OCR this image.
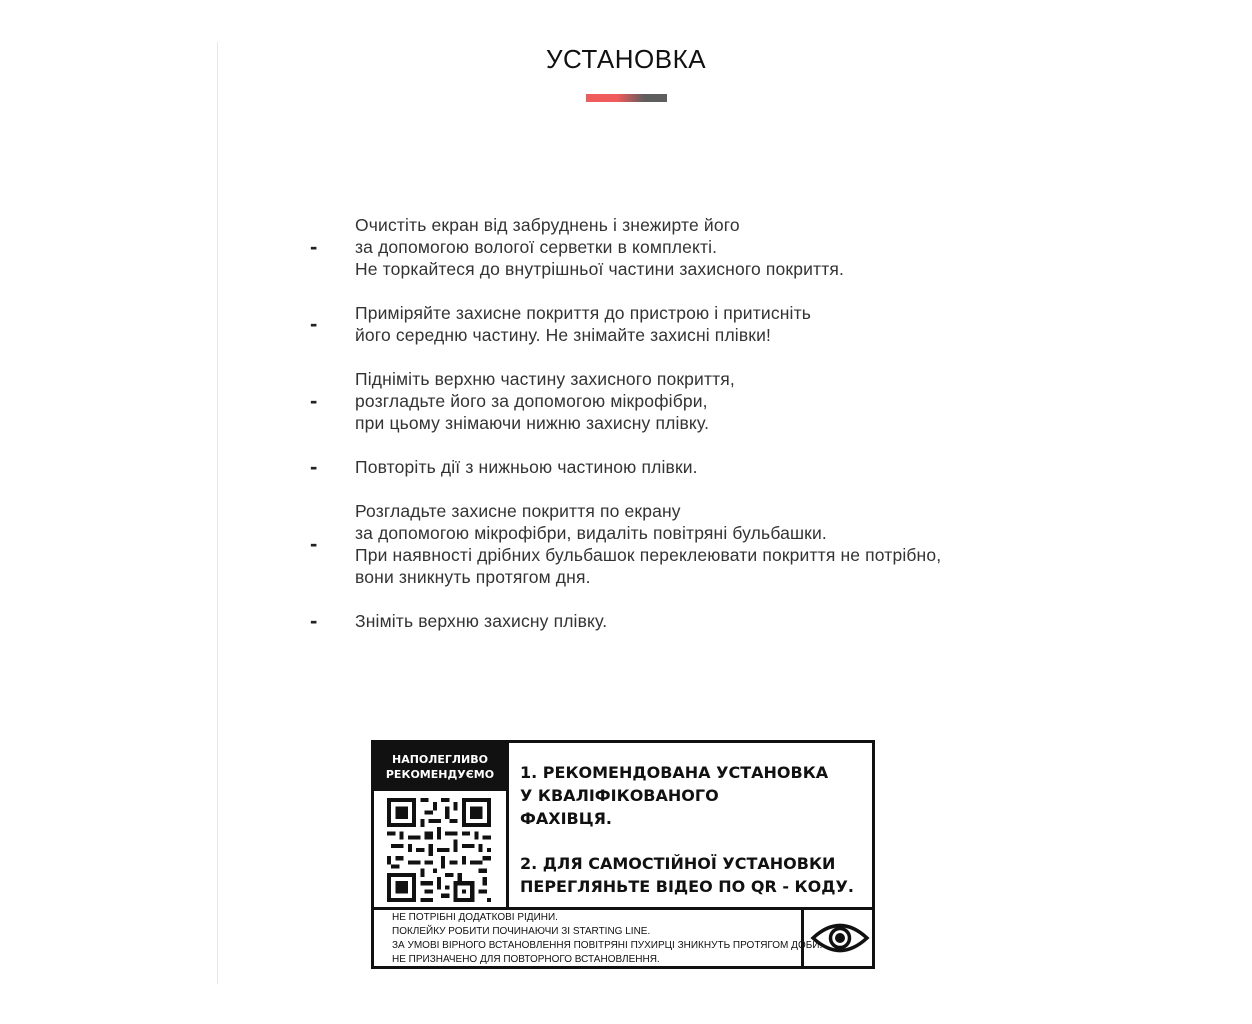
УСТАНОВКА
-
Очистіть екран від забруднень і знежирте його
за допомогою вологої серветки в комплекті.
Не торкайтеся до внутрішньої частини захисного покриття.
-	Приміряйте захисне покриття до пристрою і притисніть
його середню частину. Не знімайте захисні плівки!
-
Підніміть верхню частину захисного покриття,
розгладьте його за допомогою мікрофібри,
при цьому знімаючи нижню захисну плівку.
-	Повторіть дії з нижньою частиною плівки.
-
Розгладьте захисне покриття по екрану
за допомогою мікрофібри, видаліть повітряні бульбашки.
При наявності дрібних бульбашок переклеювати покриття не потрібно,
вони зникнуть протягом дня.
-	Зніміть верхню захисну плівку.
НАПОЛЕГЛИВО
РЕКОМЕНДУЄМО	1. РЕКОМЕНДОВАНА УСТАНОВКА
У КВАЛІФІКОВАНОГО
ФАХІВЦЯ.
2. ДЛЯ САМОСТІЙНОЇ УСТАНОВКИ
ПЕРЕГЛЯНЬТЕ ВІДЕО ПО QR - КОДУ.
НЕ ПОТРІБНІ ДОДАТКОВІ РІДИНИ.
ПОКЛЕЙКУ РОБИТИ ПОЧИНАЮЧИ ЗІ STARTING LINE.
ЗА УМОВІ ВІРНОГО ВСТАНОВЛЕННЯ ПОВІТРЯНІ ПУХИРЦІ ЗНИКНУТЬ ПРОТЯГОМ ДОБИ.
НЕ ПРИЗНАЧЕНО ДЛЯ ПОВТОРНОГО ВСТАНОВЛЕННЯ.
